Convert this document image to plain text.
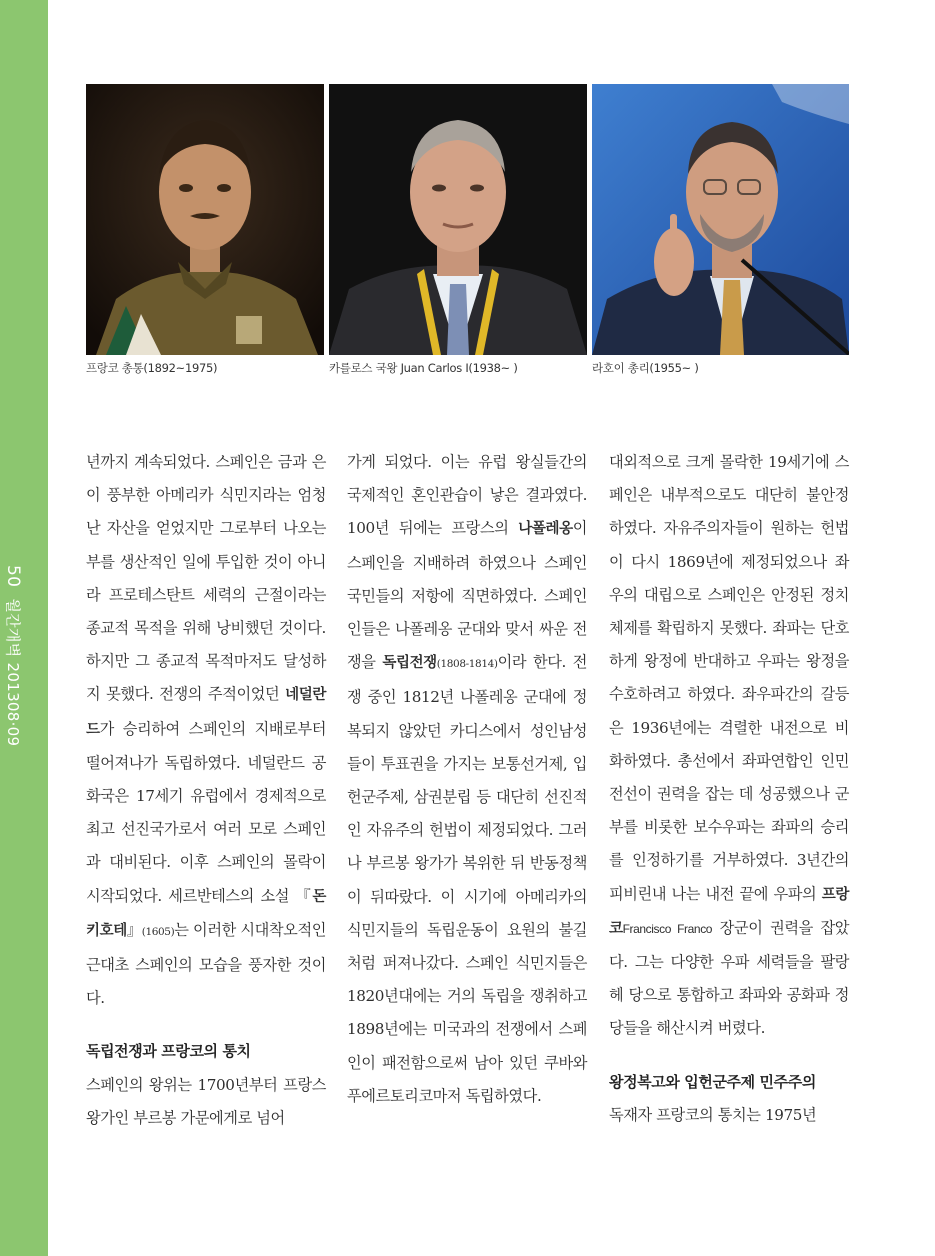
50 월간개벽 201308·09
프랑코 총통(1892~1975)	카를로스 국왕 Juan Carlos Ⅰ(1938~ )	라호이 총리(1955~ )

년까지 계속되었다. 스페인은 금과 은이 풍부한 아메리카 식민지라는 엄청난 자산을 얻었지만 그로부터 나오는 부를 생산적인 일에 투입한 것이 아니라 프로테스탄트 세력의 근절이라는 종교적 목적을 위해 낭비했던 것이다. 하지만 그 종교적 목적마저도 달성하지 못했다. 전쟁의 주적이었던 네덜란드가 승리하여 스페인의 지배로부터 떨어져나가 독립하였다. 네덜란드 공화국은 17세기 유럽에서 경제적으로 최고 선진국가로서 여러 모로 스페인과 대비된다. 이후 스페인의 몰락이 시작되었다. 세르반테스의 소설 『돈키호테』(1605)는 이러한 시대착오적인 근대초 스페인의 모습을 풍자한 것이다.

독립전쟁과 프랑코의 통치

스페인의 왕위는 1700년부터 프랑스 왕가인 부르봉 가문에게로 넘어

가게 되었다. 이는 유럽 왕실들간의 국제적인 혼인관습이 낳은 결과였다. 100년 뒤에는 프랑스의 나폴레옹이 스페인을 지배하려 하였으나 스페인 국민들의 저항에 직면하였다. 스페인인들은 나폴레옹 군대와 맞서 싸운 전쟁을 독립전쟁(1808-1814)이라 한다. 전쟁 중인 1812년 나폴레옹 군대에 정복되지 않았던 카디스에서 성인남성들이 투표권을 가지는 보통선거제, 입헌군주제, 삼권분립 등 대단히 선진적인 자유주의 헌법이 제정되었다. 그러나 부르봉 왕가가 복위한 뒤 반동정책이 뒤따랐다. 이 시기에 아메리카의 식민지들의 독립운동이 요원의 불길처럼 퍼져나갔다. 스페인 식민지들은 1820년대에는 거의 독립을 쟁취하고 1898년에는 미국과의 전쟁에서 스페인이 패전함으로써 남아 있던 쿠바와 푸에르토리코마저 독립하였다.

대외적으로 크게 몰락한 19세기에 스페인은 내부적으로도 대단히 불안정하였다. 자유주의자들이 원하는 헌법이 다시 1869년에 제정되었으나 좌우의 대립으로 스페인은 안정된 정치체제를 확립하지 못했다. 좌파는 단호하게 왕정에 반대하고 우파는 왕정을 수호하려고 하였다. 좌우파간의 갈등은 1936년에는 격렬한 내전으로 비화하였다. 총선에서 좌파연합인 인민전선이 권력을 잡는 데 성공했으나 군부를 비롯한 보수우파는 좌파의 승리를 인정하기를 거부하였다. 3년간의 피비린내 나는 내전 끝에 우파의 프랑코Francisco Franco 장군이 권력을 잡았다. 그는 다양한 우파 세력들을 팔랑헤 당으로 통합하고 좌파와 공화파 정당들을 해산시켜 버렸다.

왕정복고와 입헌군주제 민주주의

독재자 프랑코의 통치는 1975년
